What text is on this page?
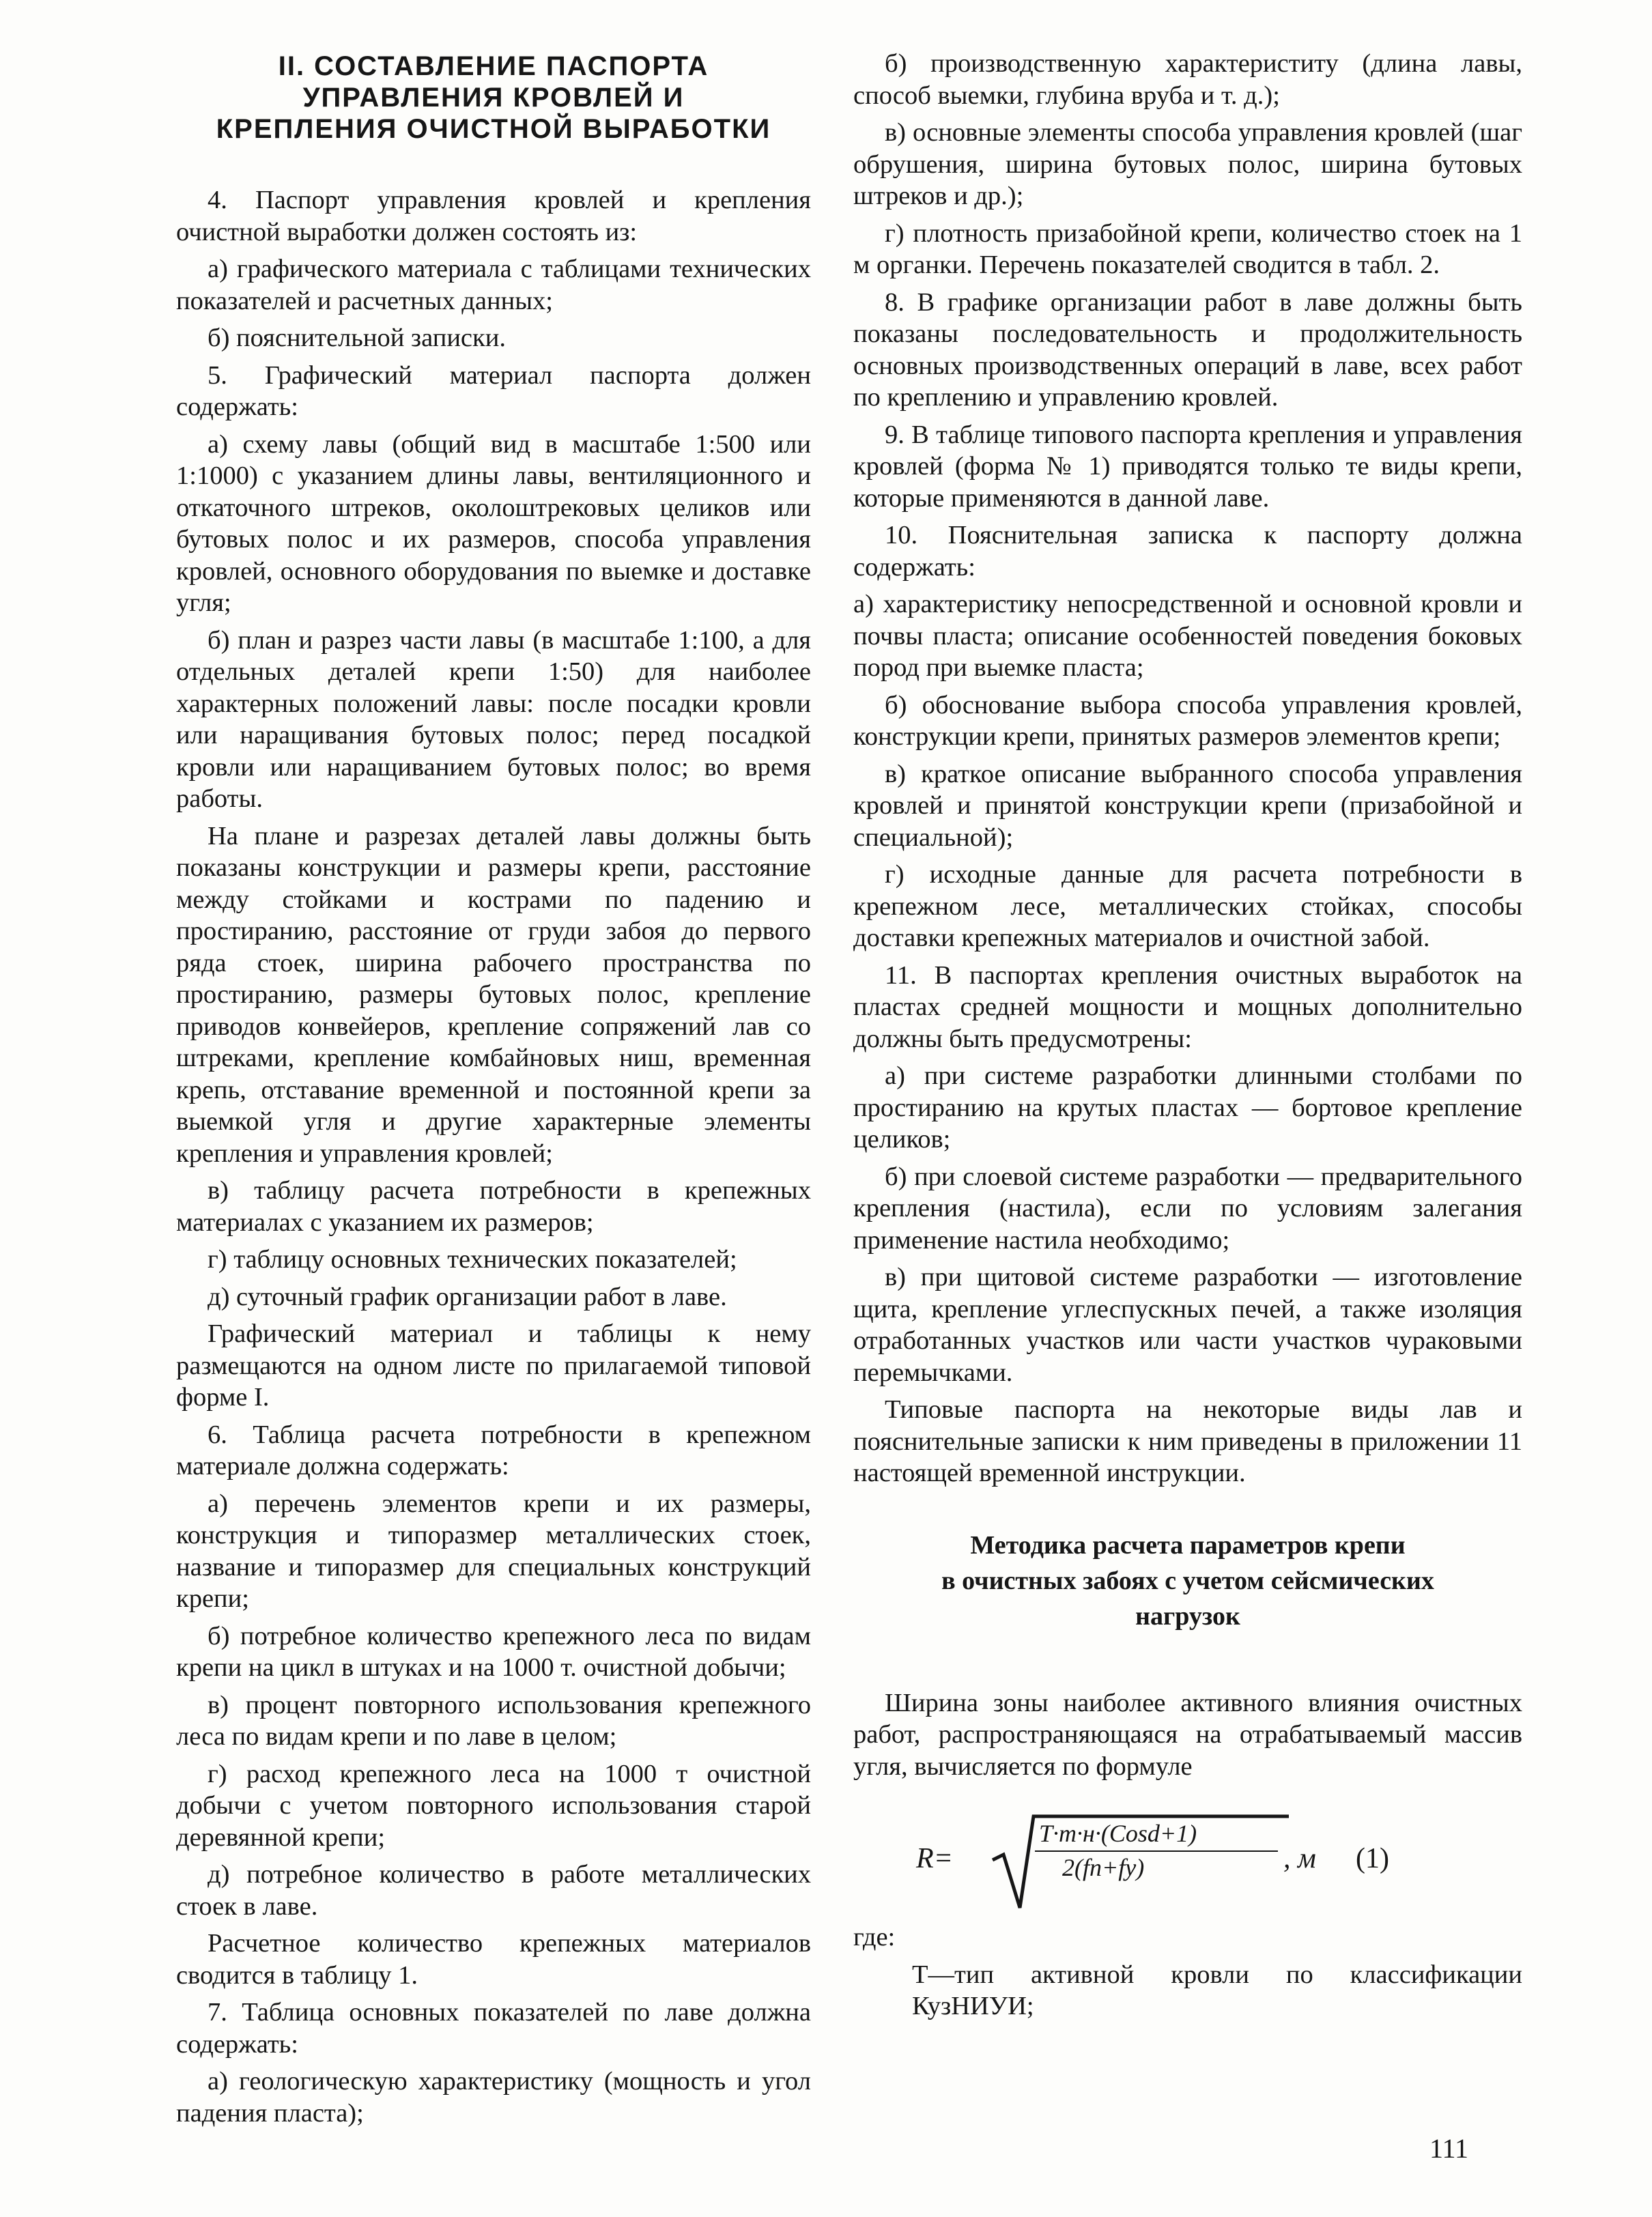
II. СОСТАВЛЕНИЕ ПАСПОРТА
УПРАВЛЕНИЯ КРОВЛЕЙ И
КРЕПЛЕНИЯ ОЧИСТНОЙ ВЫРАБОТКИ

4. Паспорт управления кровлей и крепления очистной выработки должен состоять из:

а) графического материала с таблицами технических показателей и расчетных данных;

б) пояснительной записки.

5. Графический материал паспорта должен содержать:

а) схему лавы (общий вид в масштабе 1:500 или 1:1000) с указанием длины лавы, вентиляционного и откаточного штреков, околоштрековых целиков или бутовых полос и их размеров, способа управления кровлей, основного оборудования по выемке и доставке угля;

б) план и разрез части лавы (в масштабе 1:100, а для отдельных деталей крепи 1:50) для наиболее характерных положений лавы: после посадки кровли или наращивания бутовых полос; перед посадкой кровли или наращиванием бутовых полос; во время работы.

На плане и разрезах деталей лавы должны быть показаны конструкции и размеры крепи, расстояние между стойками и кострами по падению и простиранию, расстояние от груди забоя до первого ряда стоек, ширина рабочего пространства по простиранию, размеры бутовых полос, крепление приводов конвейеров, крепление сопряжений лав со штреками, крепление комбайновых ниш, временная крепь, отставание временной и постоянной крепи за выемкой угля и другие характерные элементы крепления и управления кровлей;

в) таблицу расчета потребности в крепежных материалах с указанием их размеров;

г) таблицу основных технических показателей;

д) суточный график организации работ в лаве.

Графический материал и таблицы к нему размещаются на одном листе по прилагаемой типовой форме I.

6. Таблица расчета потребности в крепежном материале должна содержать:

а) перечень элементов крепи и их размеры, конструкция и типоразмер металлических стоек, название и типоразмер для специальных конструкций крепи;

б) потребное количество крепежного леса по видам крепи на цикл в штуках и на 1000 т. очистной добычи;

в) процент повторного использования крепежного леса по видам крепи и по лаве в целом;

г) расход крепежного леса на 1000 т очистной добычи с учетом повторного использования старой деревянной крепи;

д) потребное количество в работе металлических стоек в лаве.

Расчетное количество крепежных материалов сводится в таблицу 1.

7. Таблица основных показателей по лаве должна содержать:

а) геологическую характеристику (мощность и угол падения пласта);

б) производственную характериститу (длина лавы, способ выемки, глубина вруба и т. д.);

в) основные элементы способа управления кровлей (шаг обрушения, ширина бутовых полос, ширина бутовых штреков и др.);

г) плотность призабойной крепи, количество стоек на 1 м органки. Перечень показателей сводится в табл. 2.

8. В графике организации работ в лаве должны быть показаны последовательность и продолжительность основных производственных операций в лаве, всех работ по креплению и управлению кровлей.

9. В таблице типового паспорта крепления и управления кровлей (форма № 1) приводятся только те виды крепи, которые применяются в данной лаве.

10. Пояснительная записка к паспорту должна содержать:

а) характеристику непосредственной и основной кровли и почвы пласта; описание особенностей поведения боковых пород при выемке пласта;

б) обоснование выбора способа управления кровлей, конструкции крепи, принятых размеров элементов крепи;

в) краткое описание выбранного способа управления кровлей и принятой конструкции крепи (призабойной и специальной);

г) исходные данные для расчета потребности в крепежном лесе, металлических стойках, способы доставки крепежных материалов и очистной забой.

11. В паспортах крепления очистных выработок на пластах средней мощности и мощных дополнительно должны быть предусмотрены:

а) при системе разработки длинными столбами по простиранию на крутых пластах — бортовое крепление целиков;

б) при слоевой системе разработки — предварительного крепления (настила), если по условиям залегания применение настила необходимо;

в) при щитовой системе разработки — изготовление щита, крепление углеспускных печей, а также изоляция отработанных участков или части участков чураковыми перемычками.

Типовые паспорта на некоторые виды лав и пояснительные записки к ним приведены в приложении 11 настоящей временной инструкции.

Методика расчета параметров крепи
в очистных забоях с учетом сейсмических
нагрузок

Ширина зоны наиболее активного влияния очистных работ, распространяющаяся на отрабатываемый массив угля, вычисляется по формуле

R=
T·m·н·(Cosd+1)
2(fп+fу)	, м (1)

где:

T—тип активной кровли по классификации КузНИУИ;

111
